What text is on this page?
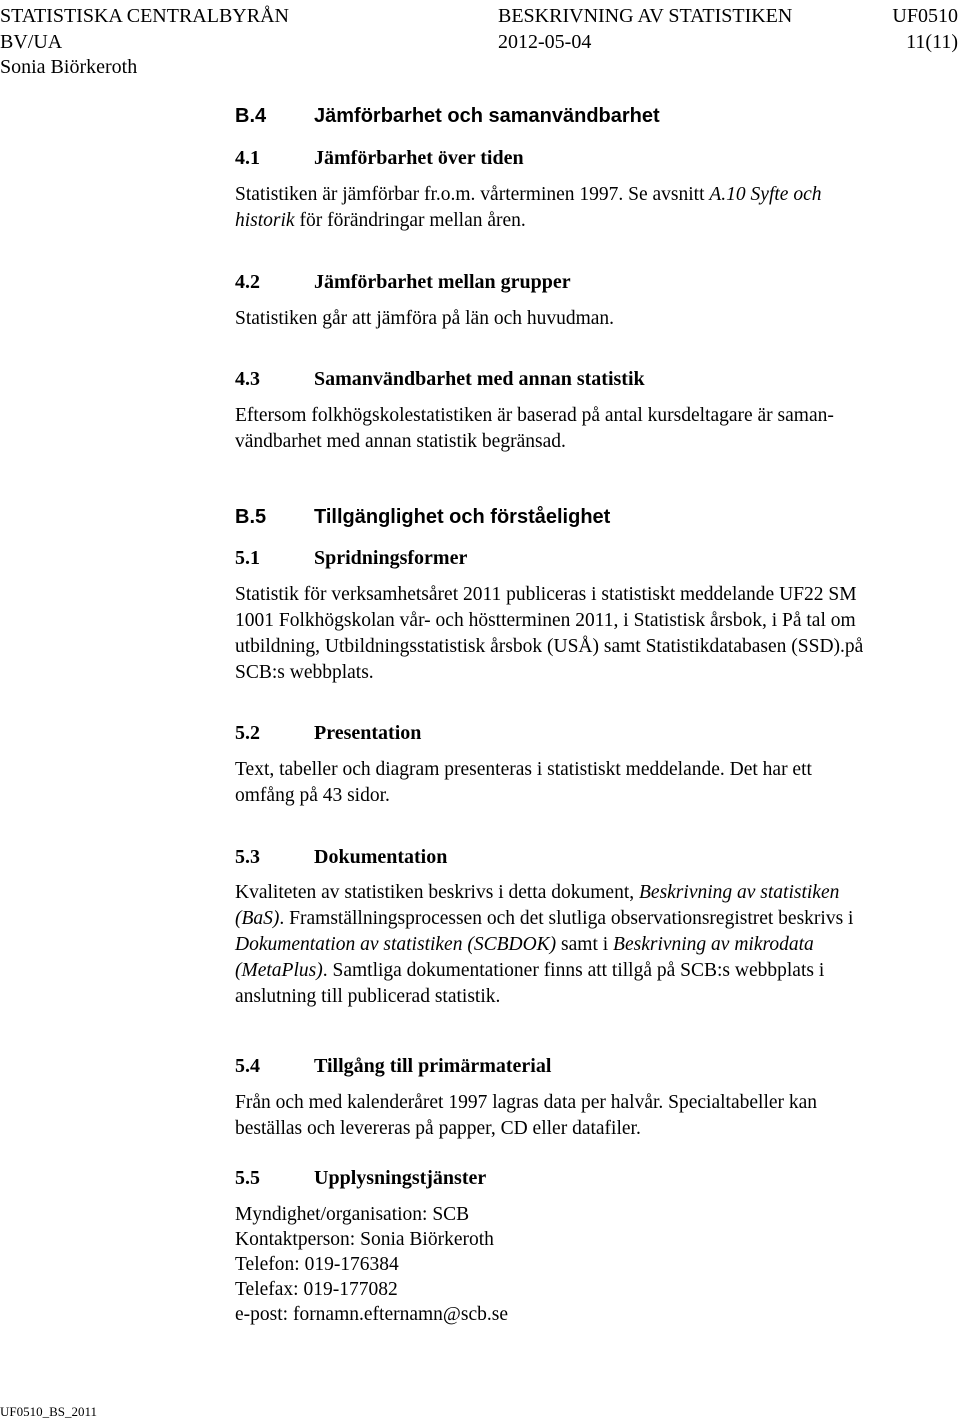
STATISTISKA CENTRALBYRÅN	BESKRIVNING AV STATISTIKEN	UF0510
BV/UA	2012-05-04	11(11)
Sonia Biörkeroth
B.4 Jämförbarhet och samanvändbarhet
4.1	Jämförbarhet över tiden
Statistiken är jämförbar fr.o.m. vårterminen 1997. Se avsnitt A.10 Syfte och
historik för förändringar mellan åren.
4.2	Jämförbarhet mellan grupper
Statistiken går att jämföra på län och huvudman.
4.3	Samanvändbarhet med annan statistik
Eftersom folkhögskolestatistiken är baserad på antal kursdeltagare är saman-
vändbarhet med annan statistik begränsad.
B.5 Tillgänglighet och förståelighet
5.1	Spridningsformer
Statistik för verksamhetsåret 2011 publiceras i statistiskt meddelande UF22 SM
1001 Folkhögskolan vår- och höstterminen 2011, i Statistisk årsbok, i På tal om
utbildning, Utbildningsstatistisk årsbok (USÅ) samt Statistikdatabasen (SSD).på
SCB:s webbplats.
5.2	Presentation
Text, tabeller och diagram presenteras i statistiskt meddelande. Det har ett
omfång på 43 sidor.
5.3	Dokumentation
Kvaliteten av statistiken beskrivs i detta dokument, Beskrivning av statistiken
(BaS). Framställningsprocessen och det slutliga observationsregistret beskrivs i
Dokumentation av statistiken (SCBDOK) samt i Beskrivning av mikrodata
(MetaPlus). Samtliga dokumentationer finns att tillgå på SCB:s webbplats i
anslutning till publicerad statistik.
5.4	Tillgång till primärmaterial
Från och med kalenderåret 1997 lagras data per halvår. Specialtabeller kan
beställas och levereras på papper, CD eller datafiler.
5.5	Upplysningstjänster
Myndighet/organisation: SCB
Kontaktperson: Sonia Biörkeroth
Telefon: 019-176384
Telefax: 019-177082
e-post: fornamn.efternamn@scb.se
UF0510_BS_2011
